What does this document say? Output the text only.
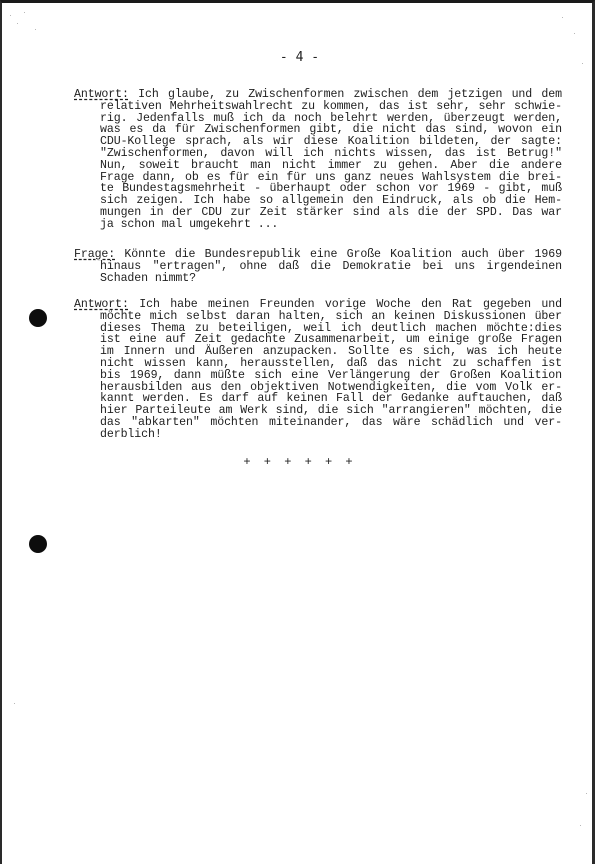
- 4 -
Antwort: Ich glaube, zu Zwischenformen zwischen dem jetzigen und dem
relativen Mehrheitswahlrecht zu kommen, das ist sehr, sehr schwie-
rig. Jedenfalls muß ich da noch belehrt werden, überzeugt werden,
was es da für Zwischenformen gibt, die nicht das sind, wovon ein
CDU-Kollege sprach, als wir diese Koalition bildeten, der sagte:
"Zwischenformen, davon will ich nichts wissen, das ist Betrug!"
Nun, soweit braucht man nicht immer zu gehen. Aber die andere
Frage dann, ob es für ein für uns ganz neues Wahlsystem die brei-
te Bundestagsmehrheit - überhaupt oder schon vor 1969 - gibt, muß
sich zeigen. Ich habe so allgemein den Eindruck, als ob die Hem-
mungen in der CDU zur Zeit stärker sind als die der SPD. Das war
ja schon mal umgekehrt ...
Frage: Könnte die Bundesrepublik eine Große Koalition auch über 1969
hinaus "ertragen", ohne daß die Demokratie bei uns irgendeinen
Schaden nimmt?
Antwort: Ich habe meinen Freunden vorige Woche den Rat gegeben und
möchte mich selbst daran halten, sich an keinen Diskussionen über
dieses Thema zu beteiligen, weil ich deutlich machen möchte:dies
ist eine auf Zeit gedachte Zusammenarbeit, um einige große Fragen
im Innern und Äußeren anzupacken. Sollte es sich, was ich heute
nicht wissen kann, herausstellen, daß das nicht zu schaffen ist
bis 1969, dann müßte sich eine Verlängerung der Großen Koalition
herausbilden aus den objektiven Notwendigkeiten, die vom Volk er-
kannt werden. Es darf auf keinen Fall der Gedanke auftauchen, daß
hier Parteileute am Werk sind, die sich "arrangieren" möchten, die
das "abkarten" möchten miteinander, das wäre schädlich und ver-
derblich!
+ + + + + +
